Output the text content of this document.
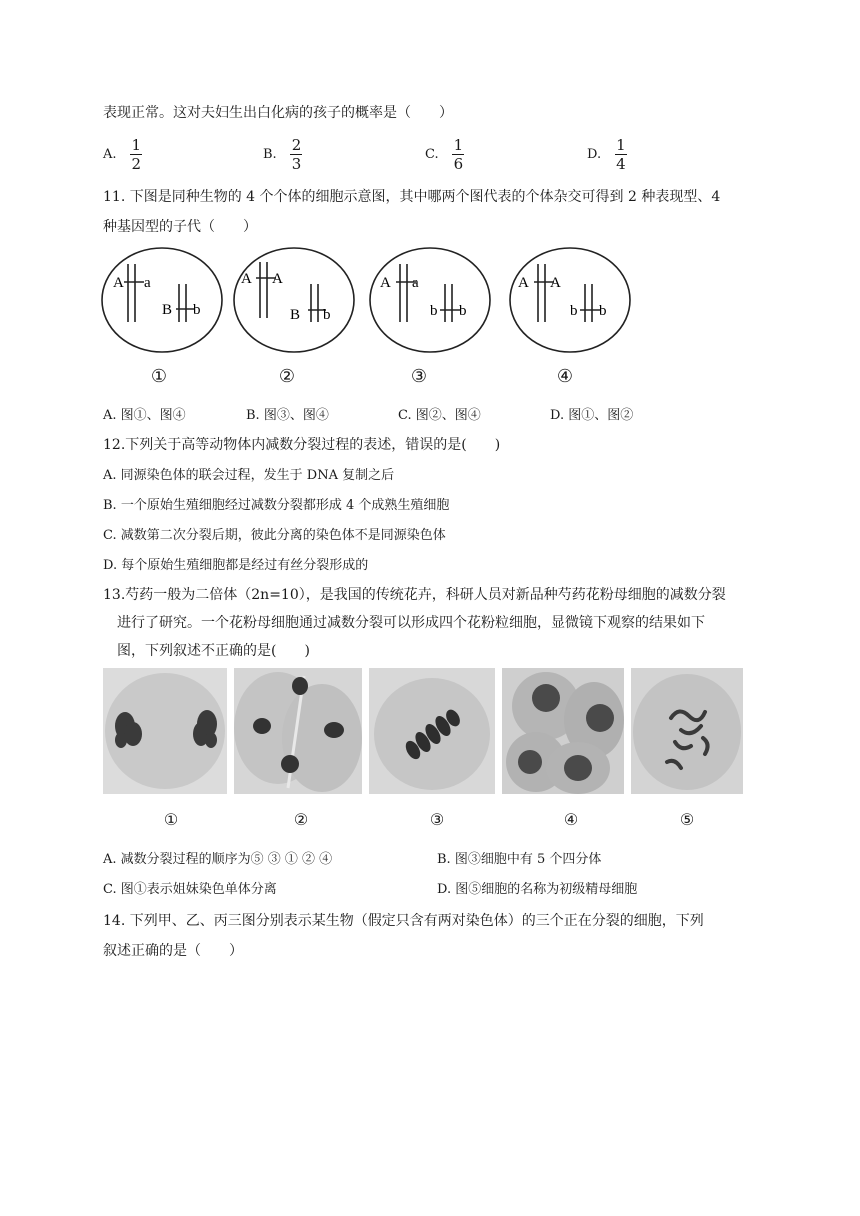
表现正常。这对夫妇生出白化病的孩子的概率是（　　）
A. $\frac{1}{2}$	B. $\frac{2}{3}$	C. $\frac{1}{6}$	D. $\frac{1}{4}$
11. 下图是同种生物的 4 个个体的细胞示意图，其中哪两个图代表的个体杂交可得到 2 种表现型、4
种基因型的子代（　　）
A a
B b
①
A A
B b
②
A a
b b
③
A A
b b
④
A. 图①、图④	B. 图③、图④	C. 图②、图④	D. 图①、图②
12.下列关于高等动物体内减数分裂过程的表述，错误的是(　　)
A. 同源染色体的联会过程，发生于 DNA 复制之后
B. 一个原始生殖细胞经过减数分裂都形成 4 个成熟生殖细胞
C. 减数第二次分裂后期，彼此分离的染色体不是同源染色体
D. 每个原始生殖细胞都是经过有丝分裂形成的
13.芍药一般为二倍体（2n=10），是我国的传统花卉，科研人员对新品种芍药花粉母细胞的减数分裂
进行了研究。一个花粉母细胞通过减数分裂可以形成四个花粉粒细胞，显微镜下观察的结果如下
图，下列叙述不正确的是(　　)
①	②	③	④	⑤
A. 减数分裂过程的顺序为⑤ ③ ① ② ④	B. 图③细胞中有 5 个四分体
C. 图①表示姐妹染色单体分离	D. 图⑤细胞的名称为初级精母细胞
14. 下列甲、乙、丙三图分别表示某生物（假定只含有两对染色体）的三个正在分裂的细胞，下列
叙述正确的是（　　）
